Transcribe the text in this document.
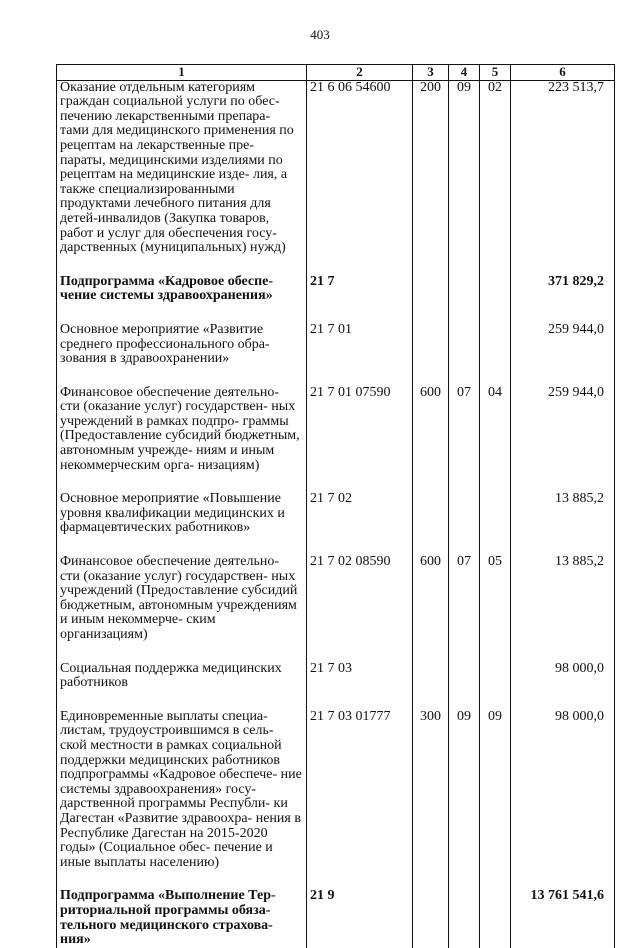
403
1	2	3	4	5	6
Оказание отдельным категориям граждан социальной услуги по обес- печению лекарственными препара- тами для медицинского применения по рецептам на лекарственные пре- параты, медицинскими изделиями по рецептам на медицинские изде- лия, а также специализированными продуктами лечебного питания для детей-инвалидов (Закупка товаров, работ и услуг для обеспечения госу- дарственных (муниципальных) нужд)	21 6 06 54600	200	09	02	223 513,7
Подпрограмма «Кадровое обеспе- чение системы здравоохранения»	21 7				371 829,2
Основное мероприятие «Развитие среднего профессионального обра- зования в здравоохранении»	21 7 01				259 944,0
Финансовое обеспечение деятельно- сти (оказание услуг) государствен- ных учреждений в рамках подпро- граммы (Предоставление субсидий бюджетным, автономным учрежде- ниям и иным некоммерческим орга- низациям)	21 7 01 07590	600	07	04	259 944,0
Основное мероприятие «Повышение уровня квалификации медицинских и фармацевтических работников»	21 7 02				13 885,2
Финансовое обеспечение деятельно- сти (оказание услуг) государствен- ных учреждений (Предоставление субсидий бюджетным, автономным учреждениям и иным некоммерче- ским организациям)	21 7 02 08590	600	07	05	13 885,2
Социальная поддержка медицинских работников	21 7 03				98 000,0
Единовременные выплаты специа- листам, трудоустроившимся в сель- ской местности в рамках социальной поддержки медицинских работников подпрограммы «Кадровое обеспече- ние системы здравоохранения» госу- дарственной программы Республи- ки Дагестан «Развитие здравоохра- нения в Республике Дагестан на 2015-2020 годы» (Социальное обес- печение и иные выплаты населению)	21 7 03 01777	300	09	09	98 000,0
Подпрограмма «Выполнение Тер- риториальной программы обяза- тельного медицинского страхова- ния»	21 9				13 761 541,6
